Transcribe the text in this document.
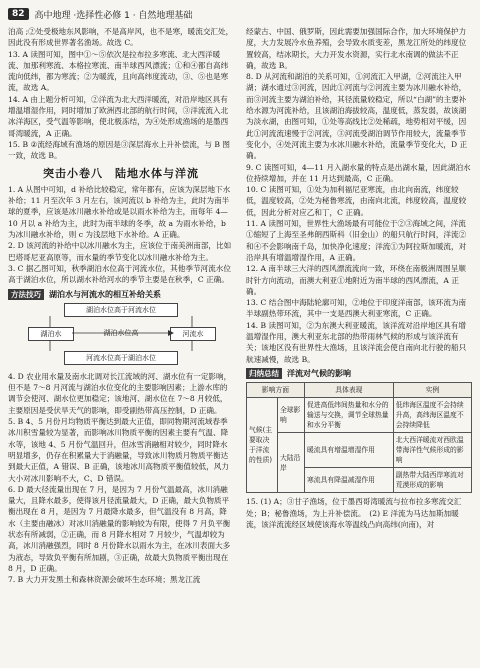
82	高中地理 ·选择性必修 1 · 自然地理基础

泊高 ;②处受极地东风影响，不是高岸风，也不是寒，暖流交汇处，因此没有形成世界著名渔场。故选 C。

13. A 读图可知，图中①～⑤依次是拉布拉多寒流、北大西洋暖流、加那利寒流、本格拉寒流、南半球西风漂流；①和④都自高纬流向低纬，都为寒流；②为暖流，且向高纬度流动，③、⑤也是寒流，故选 A。

14. A 由上题分析可知，②洋流为北大西洋暖流，对沿岸地区具有增温增湿作用，同时增加了欧洲西北部的航行时间，③洋流流入北冰洋海区，受气温等影响，使北极冻结，为④处形成渔场的是墨西哥湾暖流，A 正确。

15. B ②流经海域有渔场的原因是③深层海水上升补偿流，与 B 图一致，故选 B。

突击小卷八　陆地水体与洋流

1. A 从图中可知，d 补给比较稳定，常年都有，应该为深层地下水补给；11 月至次年 3 月左右，该河流以 b 补给为主，此时为南半球的夏季，应该是冰川融水补给或是以雨水补给为主，而每年 4—10 月以 a 补给为主，此时为南半球的冬季，故 a 为雨水补给，b 为冰川融水补给，则 c 为浅层地下水补给。A 正确。

2. D 该河流的补给中以冰川融水为主，应该位于南美洲南部，比如巴塔哥尼亚高原等，而水量的季节变化以冰川融水补给为主。

3. C 据乙图可知，秋季湖泊水位高于河流水位，其他季节河流水位高于湖泊水位，所以湖水补给河水的季节主要是在秋季，C 正确。

方法技巧	湖泊水与河流水的相互补给关系
湖泊水位高于河流水位
湖泊水	湖泊水位高	河流水
河流水位高于湖泊水位

4. D 农业用水量及南水北调对长江流域的河、湖水位有一定影响，但不是 7～8 月河流与湖泊水位变化的主要影响因素；上游水库的调节会使河、湖水位更加稳定；该地河、湖水位在 7～8 月较低，主要原因是受伏旱天气的影响，即受副热带高压控制，D 正确。

5. B 4、5 月份月均物质平衡达到最大正值，即同物期河流域春季冰川积雪量较为显著，而影响冰川物质平衡的因素主要有气温、降水等，该地 4、5 月份气温回升，但冰雪消融相对较少，同时降水明显增多，仍存在积累量大于消融量，导致冰川物质月物质平衡达到最大正值，A 错误、B 正确，该地冰川高物质平衡值较低，风力大小对冰川影响不大，C、D 错误。

6. D 最大径流量出现在 7 月，是因为 7 月份气温最高，冰川消融量大，且降水最多，使得该月径流量最大，D 正确，最大负物质平衡出现在 8 月，是因为 7 月最降水最多，但气温没有 8 月高，降水（主要由融冰）对冰川消融量的影响较为有限，使得 7 月负平衡状态有所减弱，②正确，而 8 月降水相对 7 月较少，气温却较为高，冰川消融强烈，同时 8 月份降水以雨水为主，在冰川表面大多为液态，导致负平衡有所加剧，③正确，故最大负物质平衡出现在 8 月，D 正确。

7. B 大力开发黑土和森林资源会破坏生态环境；黑龙江流

经蒙古、中国、俄罗斯，因此需要加强国际合作，加大环境保护力度，大力发展冷水鱼养殖，会导致水质变差，黑龙江所处的纬度位置较高，结冰期长，大力开发水资源，实行北水南调的做法不正确，故选 B。

8. D 从河流和湖泊的关系可知，①河流汇入甲湖，②河流注入甲湖；湖水通过③河流，因此①河流与②河流主要为冰川融水补给，而③河流主要为湖泊补给，其径流量较稳定，所以“白湖”的主要补给水源为河流补给，且该湖泊海拔较高，温度低，蒸发弱，故该湖为淡水湖，由图可知，①处等高线比②处稀疏，地势相对平缓，因此①河流流速慢于②河流，③河流受湖泊调节作用较大，流量季节变化小，④处河流主要为水冰川融水补给，流量季节变化大，D 正确。

9. C 读图可知，4—11 月入湖水量的特点是出湖水量，因此湖泊水位持续增加，并在 11 月达到最高，C 正确。

10. C 读图可知，①处为加利福尼亚寒流，由北向南流，纬度较低，温度较高，②处为秘鲁寒流，由南向北流，纬度较高，温度较低，因此分析对应乙和丁，C 正确。

11. A 读图可知，世界性大渔场最有可能位于②③海域之间，洋流①缩短了上海至圣弗朗西斯科（旧金山）的船只航行时间，洋流②和④不会影响南千岛，加快净化速度；洋流①为阿拉斯加暖流，对沿岸具有增温增湿作用，A 正确。

12. A 南半球三大洋的西风漂流流向一致，环绕在南极洲周围呈顺时针方向流动，而澳大利亚①地附近为南半球的西风漂流，A 正确。

13. C 结合图中海陆轮廓可知，②地位于印度洋南部，该环流为南半球副热带环流，其中一支是西澳大利亚寒流，C 正确。

14. B 读图可知，②为东澳大利亚暖流，该洋流对沿岸地区具有增温增湿作用，澳大利亚东北部的热带雨林气候的形成与该洋流有关；该地区没有世界性大渔场，且该洋流会使自南向北行驶的船只航速减慢，故选 B。

归纳总结	洋流对气候的影响
影响方面		具体表现	实例
气候(主要取决于洋流的性质)	全球影响	促进高低纬间热量和水分的输送与交换，调节全球热量和水分平衡	低纬海区温度不会持续升高，高纬海区温度不会持续降低
	大陆沿岸	暖流具有增温增湿作用	北大西洋暖流对西欧温带海洋性气候形成的影响
		寒流具有降温减湿作用	副热带大陆西岸寒流对荒漠形成的影响

15. (1) A；③甘子渔场，位于墨西哥湾暖流与拉布拉多寒流交汇处；B；秘鲁渔场，为上升补偿流。　(2) E 洋流为马达加斯加暖流，该洋流流经区域使该海水等温线凸向高纬(向南)，对
